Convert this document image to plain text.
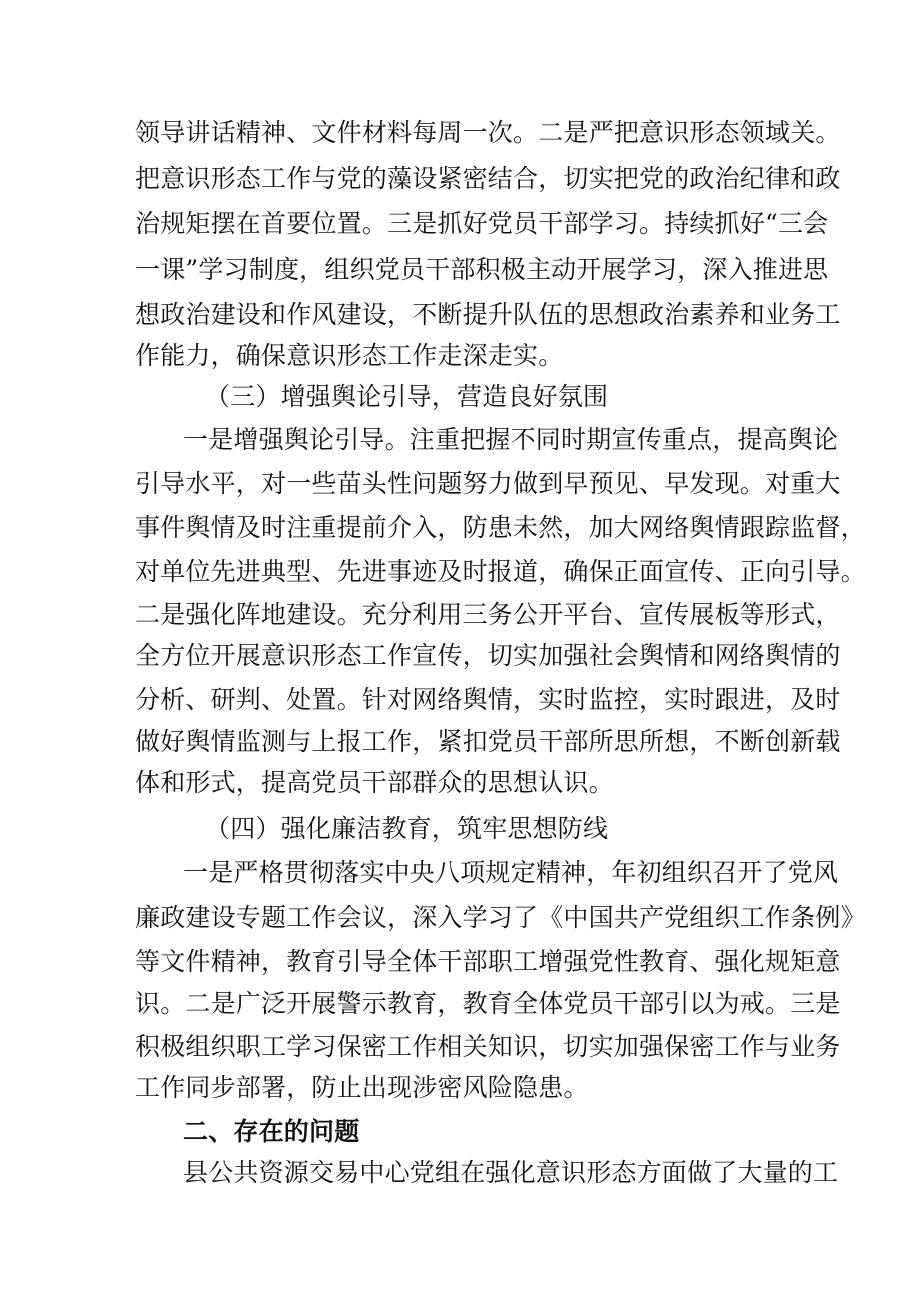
领导讲话精神、文件材料每周一次。二是严把意识形态领域关。
把意识形态工作与党的藻设紧密结合，切实把党的政治纪律和政
治规矩摆在首要位置。三是抓好党员干部学习。持续抓好“三会
一课”学习制度，组织党员干部积极主动开展学习，深入推进思
想政治建设和作风建设，不断提升队伍的思想政治素养和业务工
作能力，确保意识形态工作走深走实。
（三）增强舆论引导，营造良好氛围
一是增强舆论引导。注重把握不同时期宣传重点，提高舆论
引导水平，对一些苗头性问题努力做到早预见、早发现。对重大
事件舆情及时注重提前介入，防患未然，加大网络舆情跟踪监督，
对单位先进典型、先进事迹及时报道，确保正面宣传、正向引导。
二是强化阵地建设。充分利用三务公开平台、宣传展板等形式，
全方位开展意识形态工作宣传，切实加强社会舆情和网络舆情的
分析、研判、处置。针对网络舆情，实时监控，实时跟进，及时
做好舆情监测与上报工作，紧扣党员干部所思所想，不断创新载
体和形式，提高党员干部群众的思想认识。
（四）强化廉洁教育，筑牢思想防线
一是严格贯彻落实中央八项规定精神，年初组织召开了党风
廉政建设专题工作会议，深入学习了《中国共产党组织工作条例》
等文件精神，教育引导全体干部职工增强党性教育、强化规矩意
识。二是广泛开展警示教育，教育全体党员干部引以为戒。三是
积极组织职工学习保密工作相关知识，切实加强保密工作与业务
工作同步部署，防止出现涉密风险隐患。
二、存在的问题
县公共资源交易中心党组在强化意识形态方面做了大量的工
